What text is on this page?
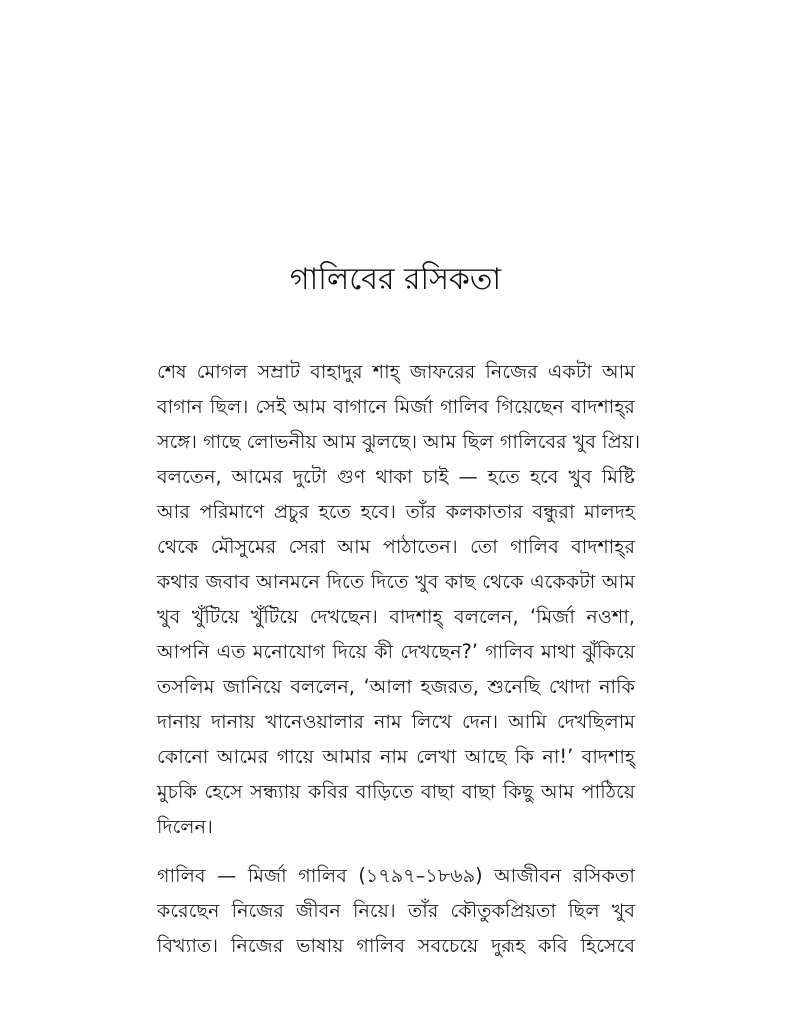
গালিবের রসিকতা
শেষ মোগল সম্রাট বাহাদুর শাহ্ জাফরের নিজের একটা আম
বাগান ছিল। সেই আম বাগানে মির্জা গালিব গিয়েছেন বাদশাহ্‌র
সঙ্গে। গাছে লোভনীয় আম ঝুলছে। আম ছিল গালিবের খুব প্রিয়।
বলতেন, আমের দুটো গুণ থাকা চাই — হতে হবে খুব মিষ্টি
আর পরিমাণে প্রচুর হতে হবে। তাঁর কলকাতার বন্ধুরা মালদহ
থেকে মৌসুমের সেরা আম পাঠাতেন। তো গালিব বাদশাহ্‌র
কথার জবাব আনমনে দিতে দিতে খুব কাছ থেকে একেকটা আম
খুব খুঁটিয়ে খুঁটিয়ে দেখছেন। বাদশাহ্ বললেন, ‘মির্জা নওশা,
আপনি এত মনোযোগ দিয়ে কী দেখছেন?’ গালিব মাথা ঝুঁকিয়ে
তসলিম জানিয়ে বললেন, ‘আলা হজরত, শুনেছি খোদা নাকি
দানায় দানায় খানেওয়ালার নাম লিখে দেন। আমি দেখছিলাম
কোনো আমের গায়ে আমার নাম লেখা আছে কি না!’ বাদশাহ্
মুচকি হেসে সন্ধ্যায় কবির বাড়িতে বাছা বাছা কিছু আম পাঠিয়ে
দিলেন।
গালিব — মির্জা গালিব (১৭৯৭–১৮৬৯) আজীবন রসিকতা
করেছেন নিজের জীবন নিয়ে। তাঁর কৌতুকপ্রিয়তা ছিল খুব
বিখ্যাত। নিজের ভাষায় গালিব সবচেয়ে দুরূহ কবি হিসেবে
